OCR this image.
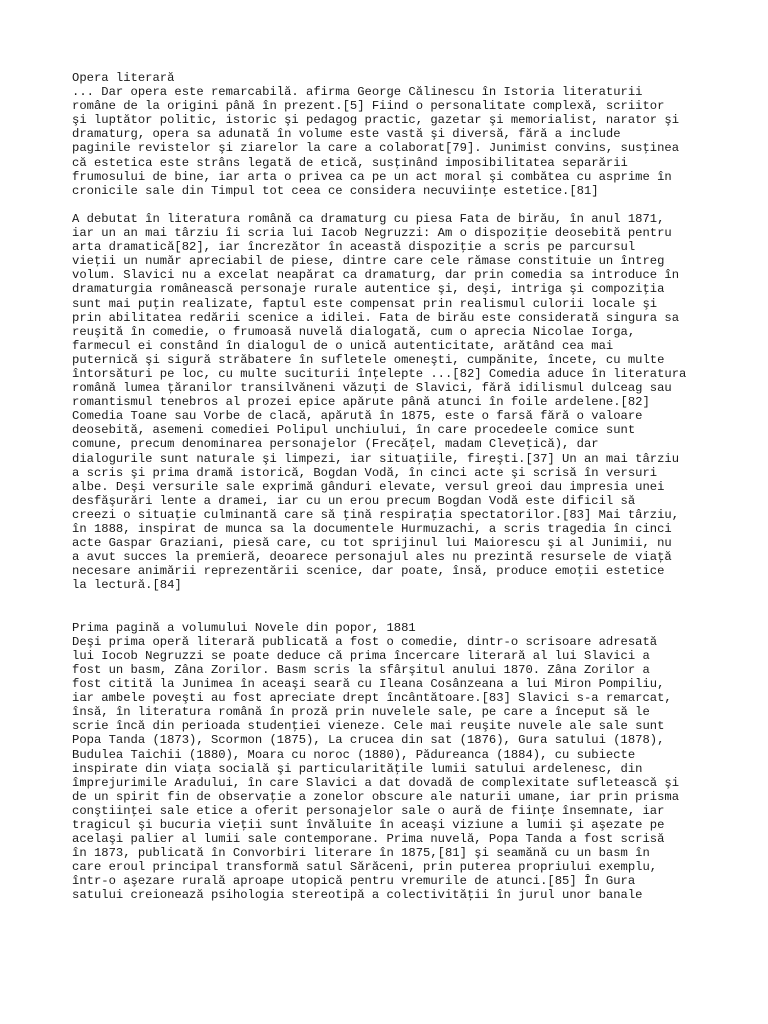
Opera literară
... Dar opera este remarcabilă. afirma George Călinescu în Istoria literaturii
române de la origini până în prezent.[5] Fiind o personalitate complexă, scriitor
şi luptător politic, istoric şi pedagog practic, gazetar şi memorialist, narator şi
dramaturg, opera sa adunată în volume este vastă şi diversă, fără a include
paginile revistelor şi ziarelor la care a colaborat[79]. Junimist convins, susţinea
că estetica este strâns legată de etică, susţinând imposibilitatea separării
frumosului de bine, iar arta o privea ca pe un act moral şi combătea cu asprime în
cronicile sale din Timpul tot ceea ce considera necuviinţe estetice.[81]
A debutat în literatura română ca dramaturg cu piesa Fata de birău, în anul 1871,
iar un an mai târziu îi scria lui Iacob Negruzzi: Am o dispoziţie deosebită pentru
arta dramatică[82], iar încrezător în această dispoziţie a scris pe parcursul
vieţii un număr apreciabil de piese, dintre care cele rămase constituie un întreg
volum. Slavici nu a excelat neapărat ca dramaturg, dar prin comedia sa introduce în
dramaturgia românească personaje rurale autentice şi, deşi, intriga şi compoziţia
sunt mai puţin realizate, faptul este compensat prin realismul culorii locale şi
prin abilitatea redării scenice a idilei. Fata de birău este considerată singura sa
reuşită în comedie, o frumoasă nuvelă dialogată, cum o aprecia Nicolae Iorga,
farmecul ei constând în dialogul de o unică autenticitate, arătând cea mai
puternică şi sigură străbatere în sufletele omeneşti, cumpănite, încete, cu multe
întorsături pe loc, cu multe suciturii înţelepte ...[82] Comedia aduce în literatura
română lumea ţăranilor transilvăneni văzuţi de Slavici, fără idilismul dulceag sau
romantismul tenebros al prozei epice apărute până atunci în foile ardelene.[82]
Comedia Toane sau Vorbe de clacă, apărută în 1875, este o farsă fără o valoare
deosebită, asemeni comediei Polipul unchiului, în care procedeele comice sunt
comune, precum denominarea personajelor (Frecăţel, madam Cleveţică), dar
dialogurile sunt naturale şi limpezi, iar situaţiile, fireşti.[37] Un an mai târziu
a scris şi prima dramă istorică, Bogdan Vodă, în cinci acte şi scrisă în versuri
albe. Deşi versurile sale exprimă gânduri elevate, versul greoi dau impresia unei
desfăşurări lente a dramei, iar cu un erou precum Bogdan Vodă este dificil să
creezi o situaţie culminantă care să ţină respiraţia spectatorilor.[83] Mai târziu,
în 1888, inspirat de munca sa la documentele Hurmuzachi, a scris tragedia în cinci
acte Gaspar Graziani, piesă care, cu tot sprijinul lui Maiorescu şi al Junimii, nu
a avut succes la premieră, deoarece personajul ales nu prezintă resursele de viaţă
necesare animării reprezentării scenice, dar poate, însă, produce emoţii estetice
la lectură.[84]
Prima pagină a volumului Novele din popor, 1881
Deşi prima operă literară publicată a fost o comedie, dintr-o scrisoare adresată
lui Iocob Negruzzi se poate deduce că prima încercare literară al lui Slavici a
fost un basm, Zâna Zorilor. Basm scris la sfârşitul anului 1870. Zâna Zorilor a
fost citită la Junimea în aceaşi seară cu Ileana Cosânzeana a lui Miron Pompiliu,
iar ambele poveşti au fost apreciate drept încântătoare.[83] Slavici s-a remarcat,
însă, în literatura română în proză prin nuvelele sale, pe care a început să le
scrie încă din perioada studenţiei vieneze. Cele mai reuşite nuvele ale sale sunt
Popa Tanda (1873), Scormon (1875), La crucea din sat (1876), Gura satului (1878),
Budulea Taichii (1880), Moara cu noroc (1880), Pădureanca (1884), cu subiecte
inspirate din viaţa socială şi particularităţile lumii satului ardelenesc, din
împrejurimile Aradului, în care Slavici a dat dovadă de complexitate sufletească şi
de un spirit fin de observaţie a zonelor obscure ale naturii umane, iar prin prisma
conştiinţei sale etice a oferit personajelor sale o aură de fiinţe însemnate, iar
tragicul şi bucuria vieţii sunt învăluite în aceaşi viziune a lumii şi aşezate pe
acelaşi palier al lumii sale contemporane. Prima nuvelă, Popa Tanda a fost scrisă
în 1873, publicată în Convorbiri literare în 1875,[81] şi seamănă cu un basm în
care eroul principal transformă satul Sărăceni, prin puterea propriului exemplu,
într-o aşezare rurală aproape utopică pentru vremurile de atunci.[85] În Gura
satului creionează psihologia stereotipă a colectivităţii în jurul unor banale
